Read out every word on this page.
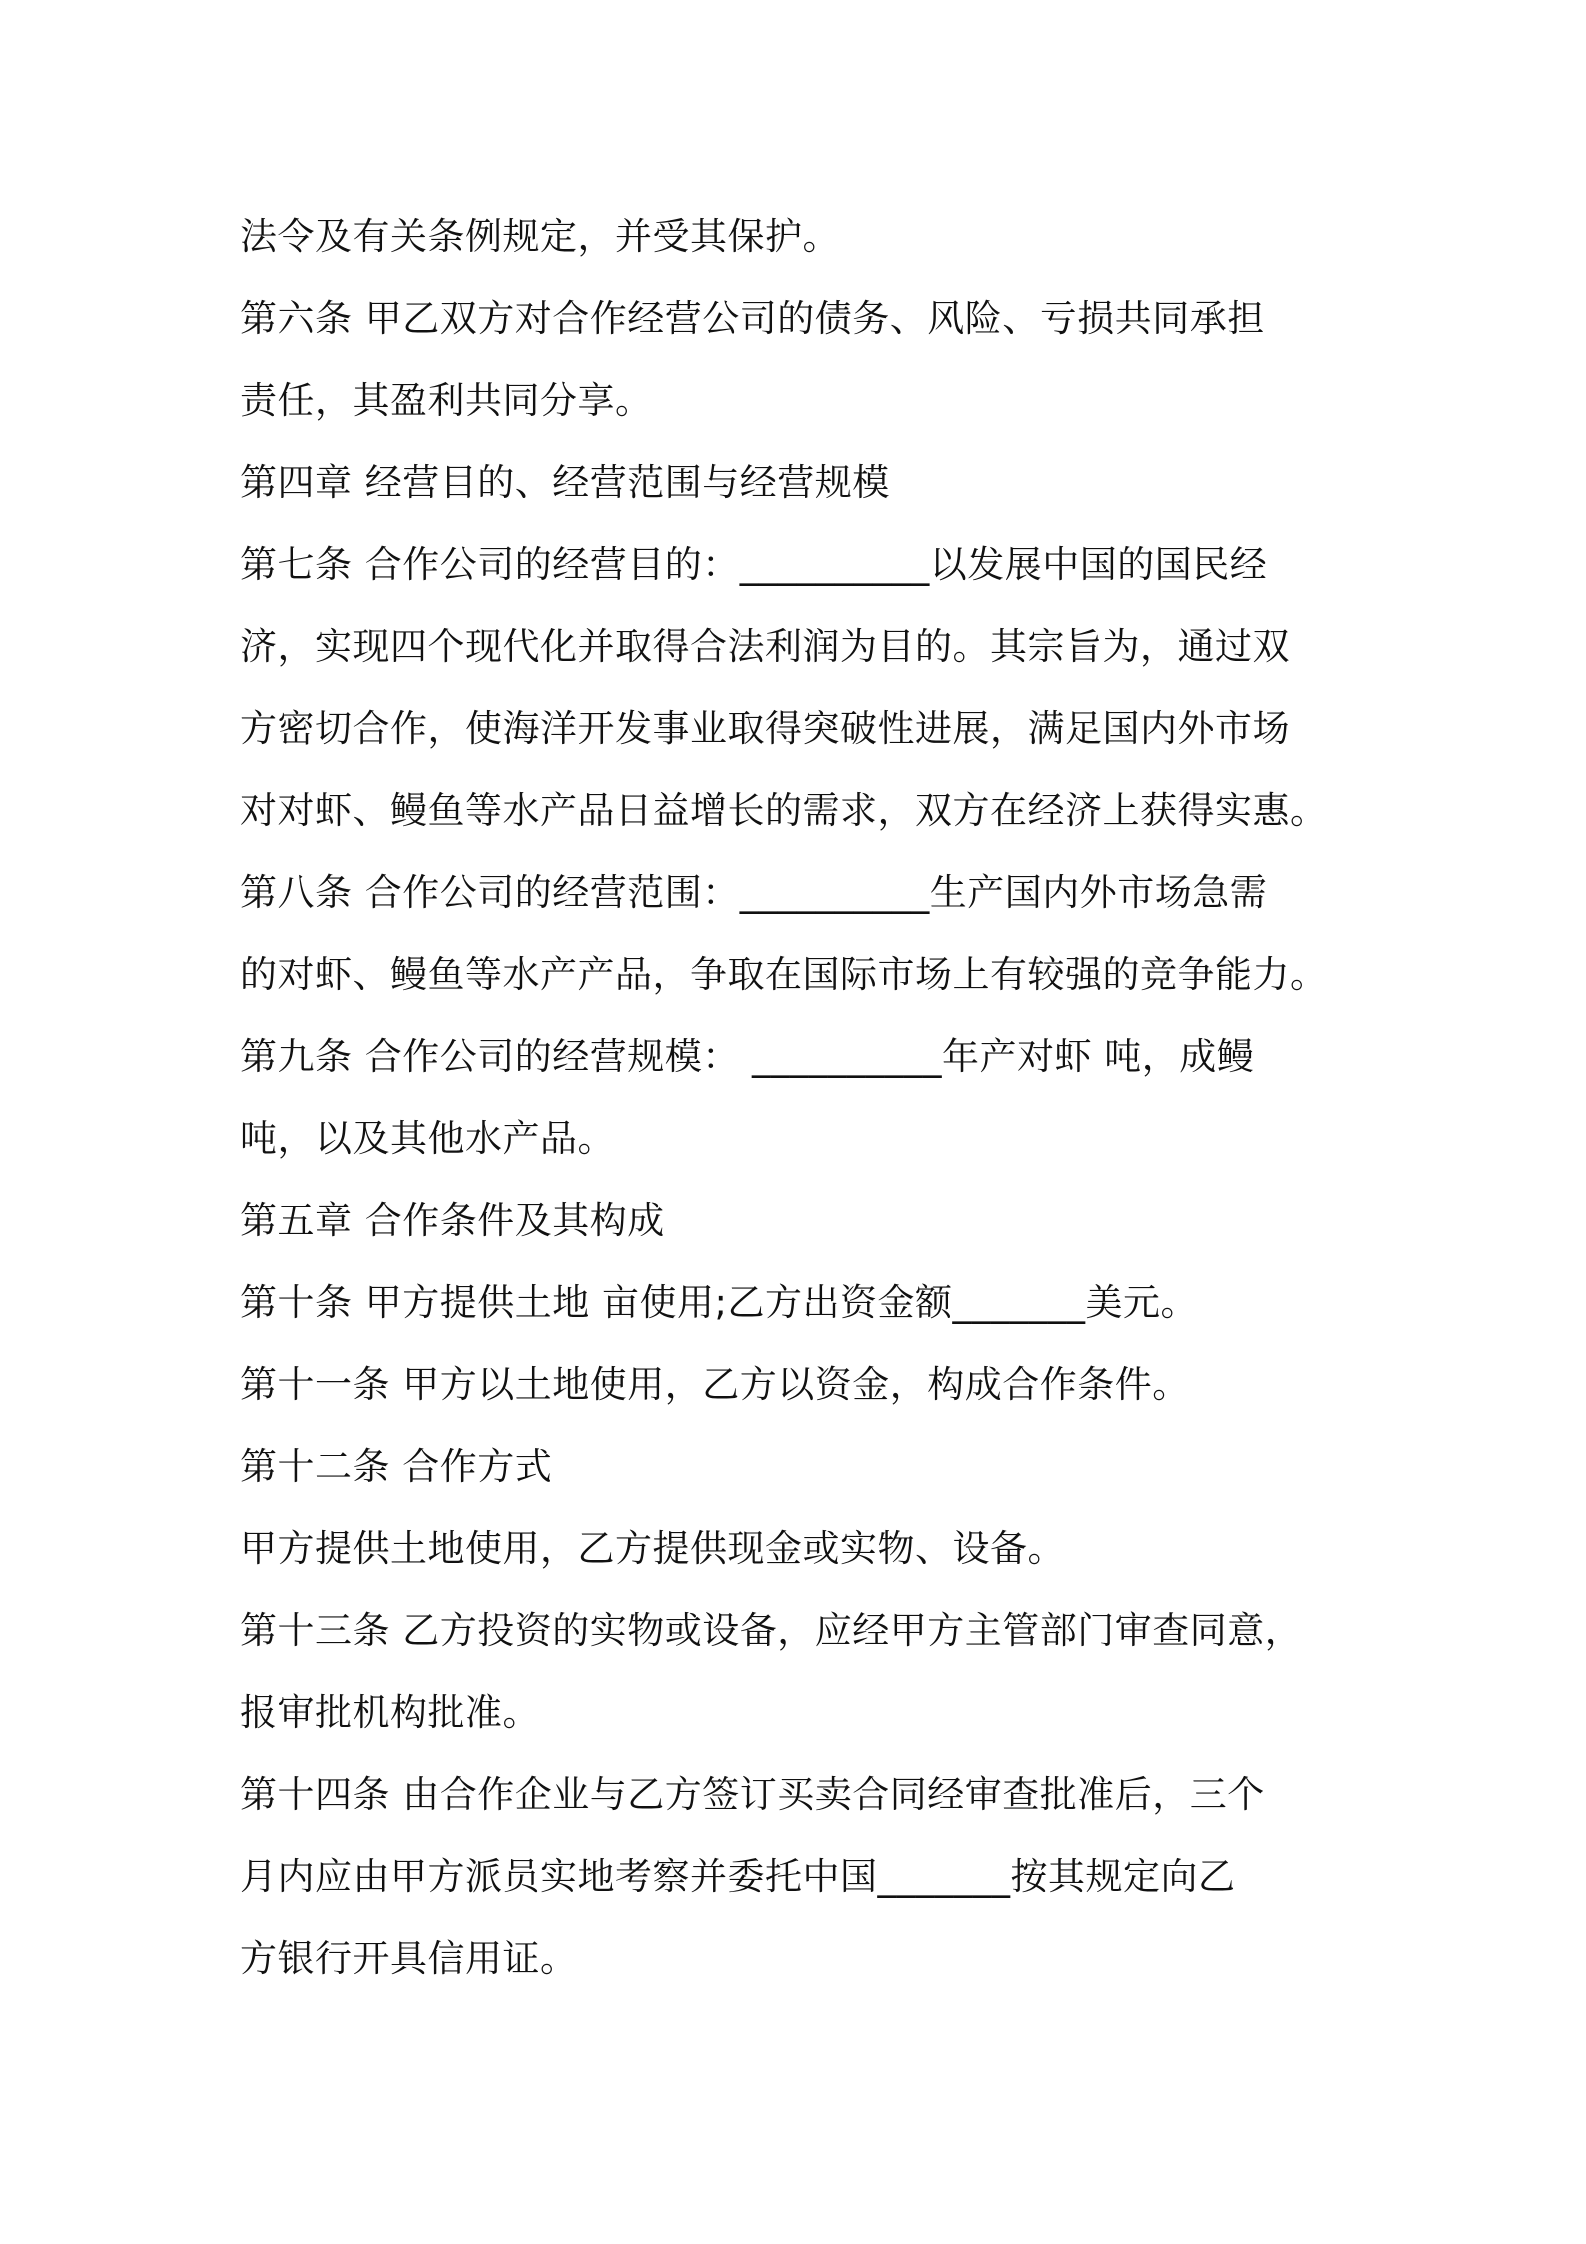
法令及有关条例规定，并受其保护。
第六条 甲乙双方对合作经营公司的债务、风险、亏损共同承担
责任，其盈利共同分享。
第四章 经营目的、经营范围与经营规模
第七条 合作公司的经营目的：__________以发展中国的国民经
济，实现四个现代化并取得合法利润为目的。其宗旨为，通过双
方密切合作，使海洋开发事业取得突破性进展，满足国内外市场
对对虾、鳗鱼等水产品日益增长的需求，双方在经济上获得实惠。
第八条 合作公司的经营范围：__________生产国内外市场急需
的对虾、鳗鱼等水产产品，争取在国际市场上有较强的竞争能力。
第九条 合作公司的经营规模： __________年产对虾 吨，成鳗
吨，以及其他水产品。
第五章 合作条件及其构成
第十条 甲方提供土地 亩使用;乙方出资金额_______美元。
第十一条 甲方以土地使用，乙方以资金，构成合作条件。
第十二条 合作方式
甲方提供土地使用，乙方提供现金或实物、设备。
第十三条 乙方投资的实物或设备，应经甲方主管部门审查同意，
报审批机构批准。
第十四条 由合作企业与乙方签订买卖合同经审查批准后，三个
月内应由甲方派员实地考察并委托中国_______按其规定向乙
方银行开具信用证。
